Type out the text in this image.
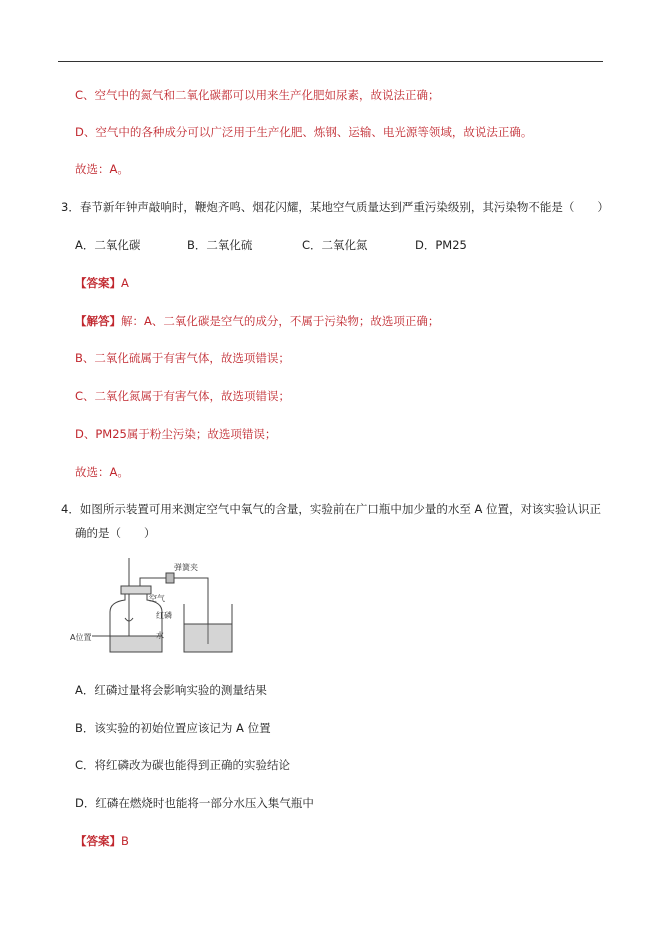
C、空气中的氮气和二氧化碳都可以用来生产化肥如尿素，故说法正确；
D、空气中的各种成分可以广泛用于生产化肥、炼钢、运输、电光源等领域，故说法正确。
故选：A。
3．春节新年钟声敲响时，鞭炮齐鸣、烟花闪耀，某地空气质量达到严重污染级别，其污染物不能是（　　）
A．二氧化碳	B．二氧化硫	C．二氧化氮	D．PM25
【答案】A
【解答】解：A、二氧化碳是空气的成分，不属于污染物；故选项正确；
B、二氧化硫属于有害气体，故选项错误；
C、二氧化氮属于有害气体，故选项错误；
D、PM25属于粉尘污染；故选项错误；
故选：A。
4．如图所示装置可用来测定空气中氧气的含量，实验前在广口瓶中加少量的水至 A 位置，对该实验认识正
确的是（　　）
弹簧夹
空气
红磷
水
A位置
A．红磷过量将会影响实验的测量结果
B．该实验的初始位置应该记为 A 位置
C．将红磷改为碳也能得到正确的实验结论
D．红磷在燃烧时也能将一部分水压入集气瓶中
【答案】B
